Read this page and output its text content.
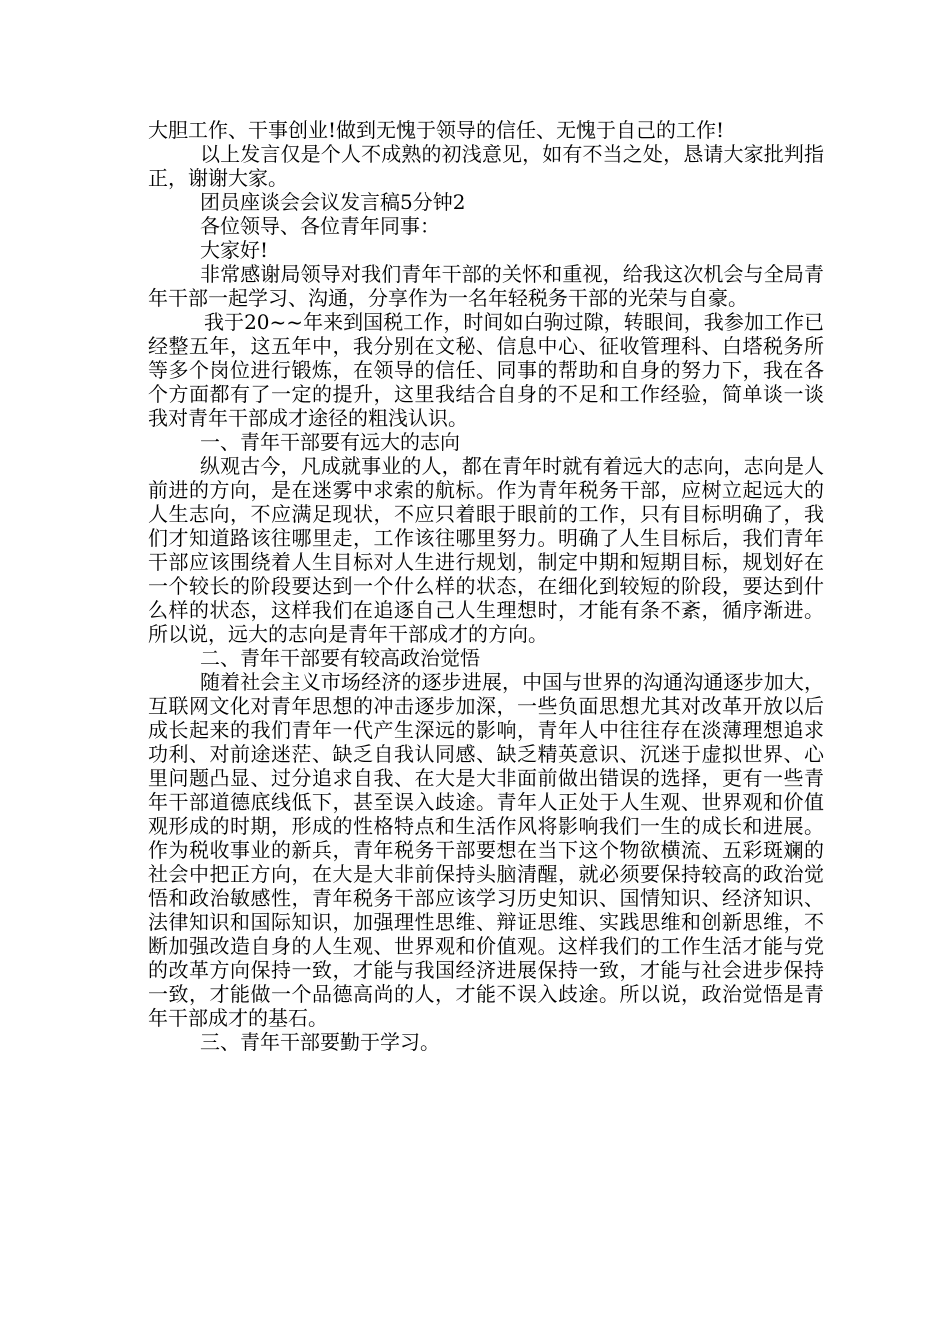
大胆工作、干事创业!做到无愧于领导的信任、无愧于自己的工作!

以上发言仅是个人不成熟的初浅意见，如有不当之处，恳请大家批判指正，谢谢大家。

团员座谈会会议发言稿5分钟2

各位领导、各位青年同事：

大家好!

非常感谢局领导对我们青年干部的关怀和重视，给我这次机会与全局青年干部一起学习、沟通，分享作为一名年轻税务干部的光荣与自豪。

我于20~~年来到国税工作，时间如白驹过隙，转眼间，我参加工作已经整五年，这五年中，我分别在文秘、信息中心、征收管理科、白塔税务所等多个岗位进行锻炼，在领导的信任、同事的帮助和自身的努力下，我在各个方面都有了一定的提升，这里我结合自身的不足和工作经验，简单谈一谈我对青年干部成才途径的粗浅认识。

一、青年干部要有远大的志向

纵观古今，凡成就事业的人，都在青年时就有着远大的志向，志向是人前进的方向，是在迷雾中求索的航标。作为青年税务干部，应树立起远大的人生志向，不应满足现状，不应只着眼于眼前的工作，只有目标明确了，我们才知道路该往哪里走，工作该往哪里努力。明确了人生目标后，我们青年干部应该围绕着人生目标对人生进行规划，制定中期和短期目标，规划好在一个较长的阶段要达到一个什么样的状态，在细化到较短的阶段，要达到什么样的状态，这样我们在追逐自己人生理想时，才能有条不紊，循序渐进。所以说，远大的志向是青年干部成才的方向。

二、青年干部要有较高政治觉悟

随着社会主义市场经济的逐步进展，中国与世界的沟通沟通逐步加大，互联网文化对青年思想的冲击逐步加深，一些负面思想尤其对改革开放以后成长起来的我们青年一代产生深远的影响，青年人中往往存在淡薄理想追求功利、对前途迷茫、缺乏自我认同感、缺乏精英意识、沉迷于虚拟世界、心里问题凸显、过分追求自我、在大是大非面前做出错误的选择，更有一些青年干部道德底线低下，甚至误入歧途。青年人正处于人生观、世界观和价值观形成的时期，形成的性格特点和生活作风将影响我们一生的成长和进展。作为税收事业的新兵，青年税务干部要想在当下这个物欲横流、五彩斑斓的社会中把正方向，在大是大非前保持头脑清醒，就必须要保持较高的政治觉悟和政治敏感性，青年税务干部应该学习历史知识、国情知识、经济知识、法律知识和国际知识，加强理性思维、辩证思维、实践思维和创新思维，不断加强改造自身的人生观、世界观和价值观。这样我们的工作生活才能与党的改革方向保持一致，才能与我国经济进展保持一致，才能与社会进步保持一致，才能做一个品德高尚的人，才能不误入歧途。所以说，政治觉悟是青年干部成才的基石。

三、青年干部要勤于学习。
